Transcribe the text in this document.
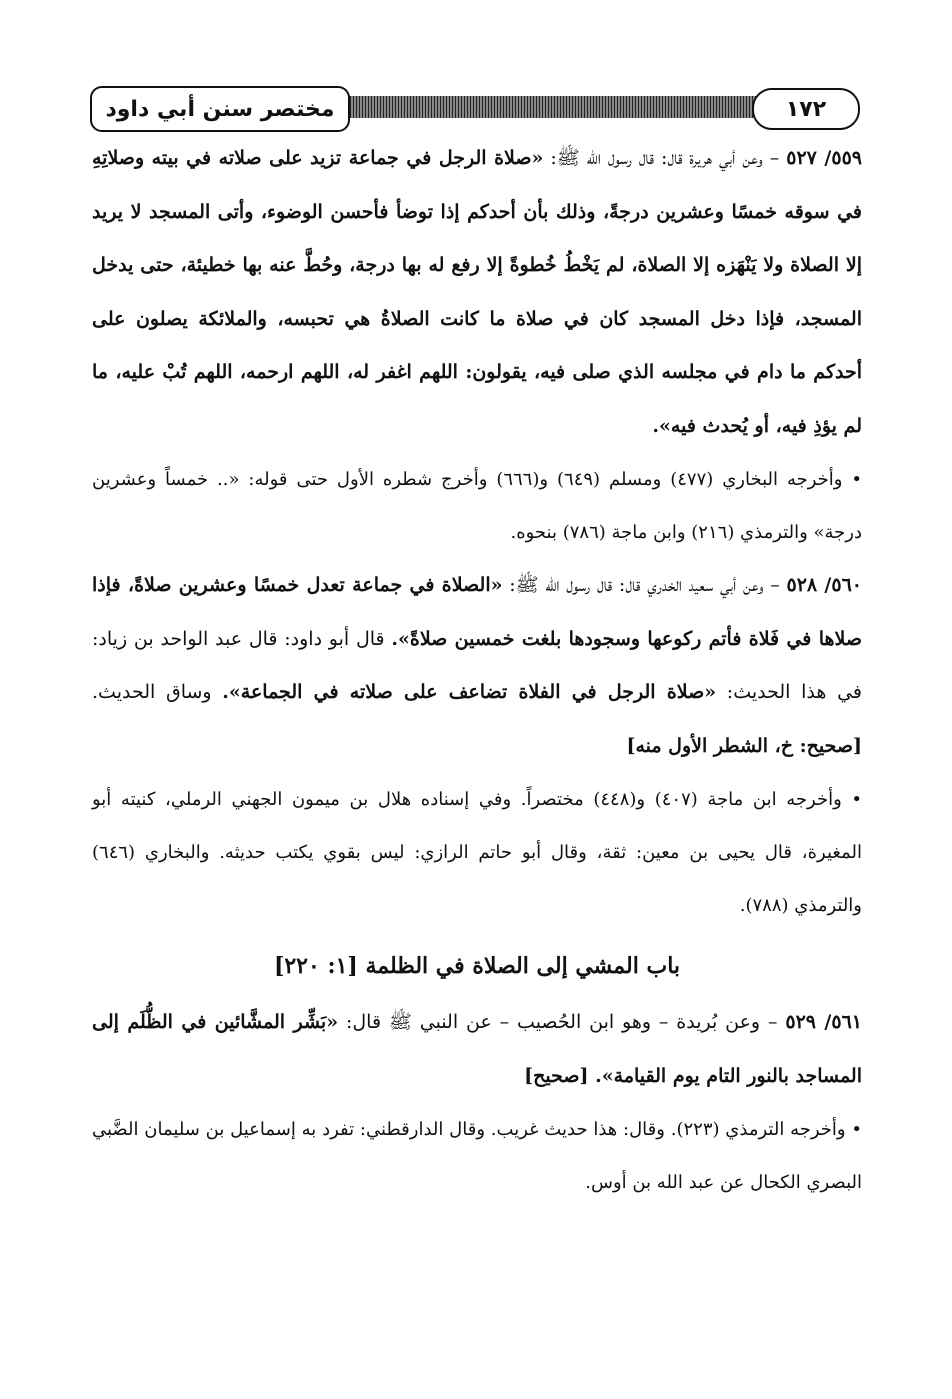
مختصر سنن أبي داود	١٧٢

٥٥٩/ ٥٢٧ – وعن أبي هريرة قال: قال رسول الله ﷺ: «صلاة الرجل في جماعة تزيد على صلاته في بيته وصلاتِهِ في سوقه خمسًا وعشرين درجةً، وذلك بأن أحدكم إذا توضأ فأحسن الوضوء، وأتى المسجد لا يريد إلا الصلاة ولا يَنْهَزه إلا الصلاة، لم يَخْطُ خُطوةً إلا رفع له بها درجة، وحُطَّ عنه بها خطيئة، حتى يدخل المسجد، فإذا دخل المسجد كان في صلاة ما كانت الصلاةُ هي تحبسه، والملائكة يصلون على أحدكم ما دام في مجلسه الذي صلى فيه، يقولون: اللهم اغفر له، اللهم ارحمه، اللهم تُبْ عليه، ما لم يؤذِ فيه، أو يُحدث فيه».

• وأخرجه البخاري (٤٧٧) ومسلم (٦٤٩) و(٦٦٦) وأخرج شطره الأول حتى قوله: «.. خمساً وعشرين درجة» والترمذي (٢١٦) وابن ماجة (٧٨٦) بنحوه.

٥٦٠/ ٥٢٨ – وعن أبي سعيد الخدري قال: قال رسول الله ﷺ: «الصلاة في جماعة تعدل خمسًا وعشرين صلاةً، فإذا صلاها في فَلاة فأتم ركوعها وسجودها بلغت خمسين صلاةً». قال أبو داود: قال عبد الواحد بن زياد: في هذا الحديث: «صلاة الرجل في الفلاة تضاعف على صلاته في الجماعة». وساق الحديث. [صحيح: خ، الشطر الأول منه]

• وأخرجه ابن ماجة (٤٠٧) و(٤٤٨) مختصراً. وفي إسناده هلال بن ميمون الجهني الرملي، كنيته أبو المغيرة، قال يحيى بن معين: ثقة، وقال أبو حاتم الرازي: ليس بقوي يكتب حديثه. والبخاري (٦٤٦) والترمذي (٧٨٨).

باب المشي إلى الصلاة في الظلمة [١: ٢٢٠]

٥٦١/ ٥٢٩ – وعن بُريدة – وهو ابن الحُصيب – عن النبي ﷺ قال: «بَشِّر المشَّائين في الظُّلَم إلى المساجد بالنور التام يوم القيامة». [صحيح]

• وأخرجه الترمذي (٢٢٣). وقال: هذا حديث غريب. وقال الدارقطني: تفرد به إسماعيل بن سليمان الضَّبي البصري الكحال عن عبد الله بن أوس.
